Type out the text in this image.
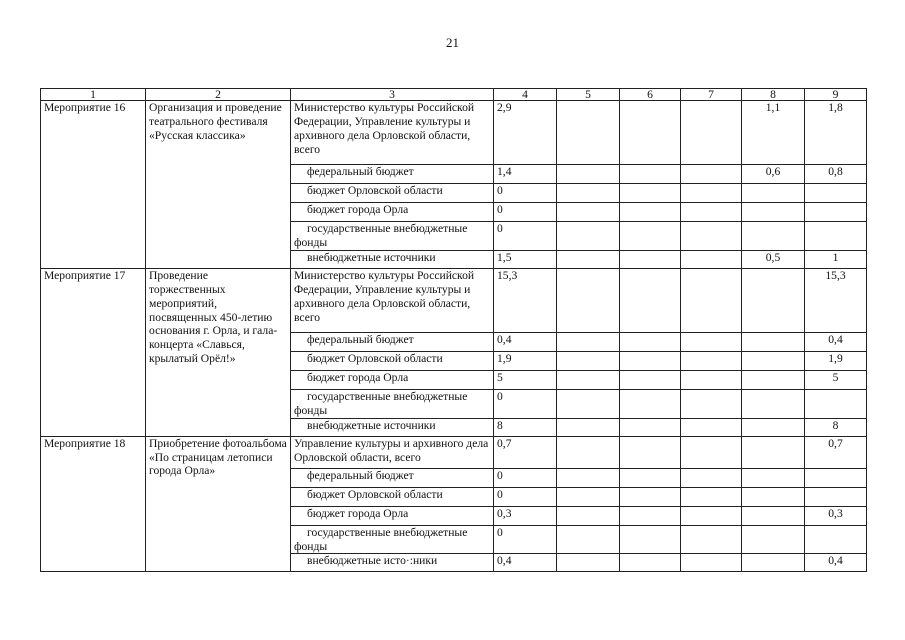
21
1	2	3	4	5	6	7	8	9
Мероприятие 16	Организация и проведение театрального фестиваля «Русская классика»	Министерство культуры Российской Федерации, Управление культуры и архивного дела Орловской области, всего	2,9				1,1	1,8
		федеральный бюджет	1,4				0,6	0,8
		бюджет Орловской области	0					
		бюджет города Орла	0					
		государственные внебюджетные фонды	0					
		внебюджетные источники	1,5				0,5	1
Мероприятие 17	Проведение торжественных мероприятий, посвященных 450-летию основания г. Орла, и гала-концерта «Славься, крылатый Орёл!»	Министерство культуры Российской Федерации, Управление культуры и архивного дела Орловской области, всего	15,3					15,3
		федеральный бюджет	0,4					0,4
		бюджет Орловской области	1,9					1,9
		бюджет города Орла	5					5
		государственные внебюджетные фонды	0					
		внебюджетные источники	8					8
Мероприятие 18	Приобретение фотоальбома «По страницам летописи города Орла»	Управление культуры и архивного дела Орловской области, всего	0,7					0,7
		федеральный бюджет	0					
		бюджет Орловской области	0					
		бюджет города Орла	0,3					0,3
		государственные внебюджетные фонды	0					
		внебюджетные исто·:ники	0,4					0,4
